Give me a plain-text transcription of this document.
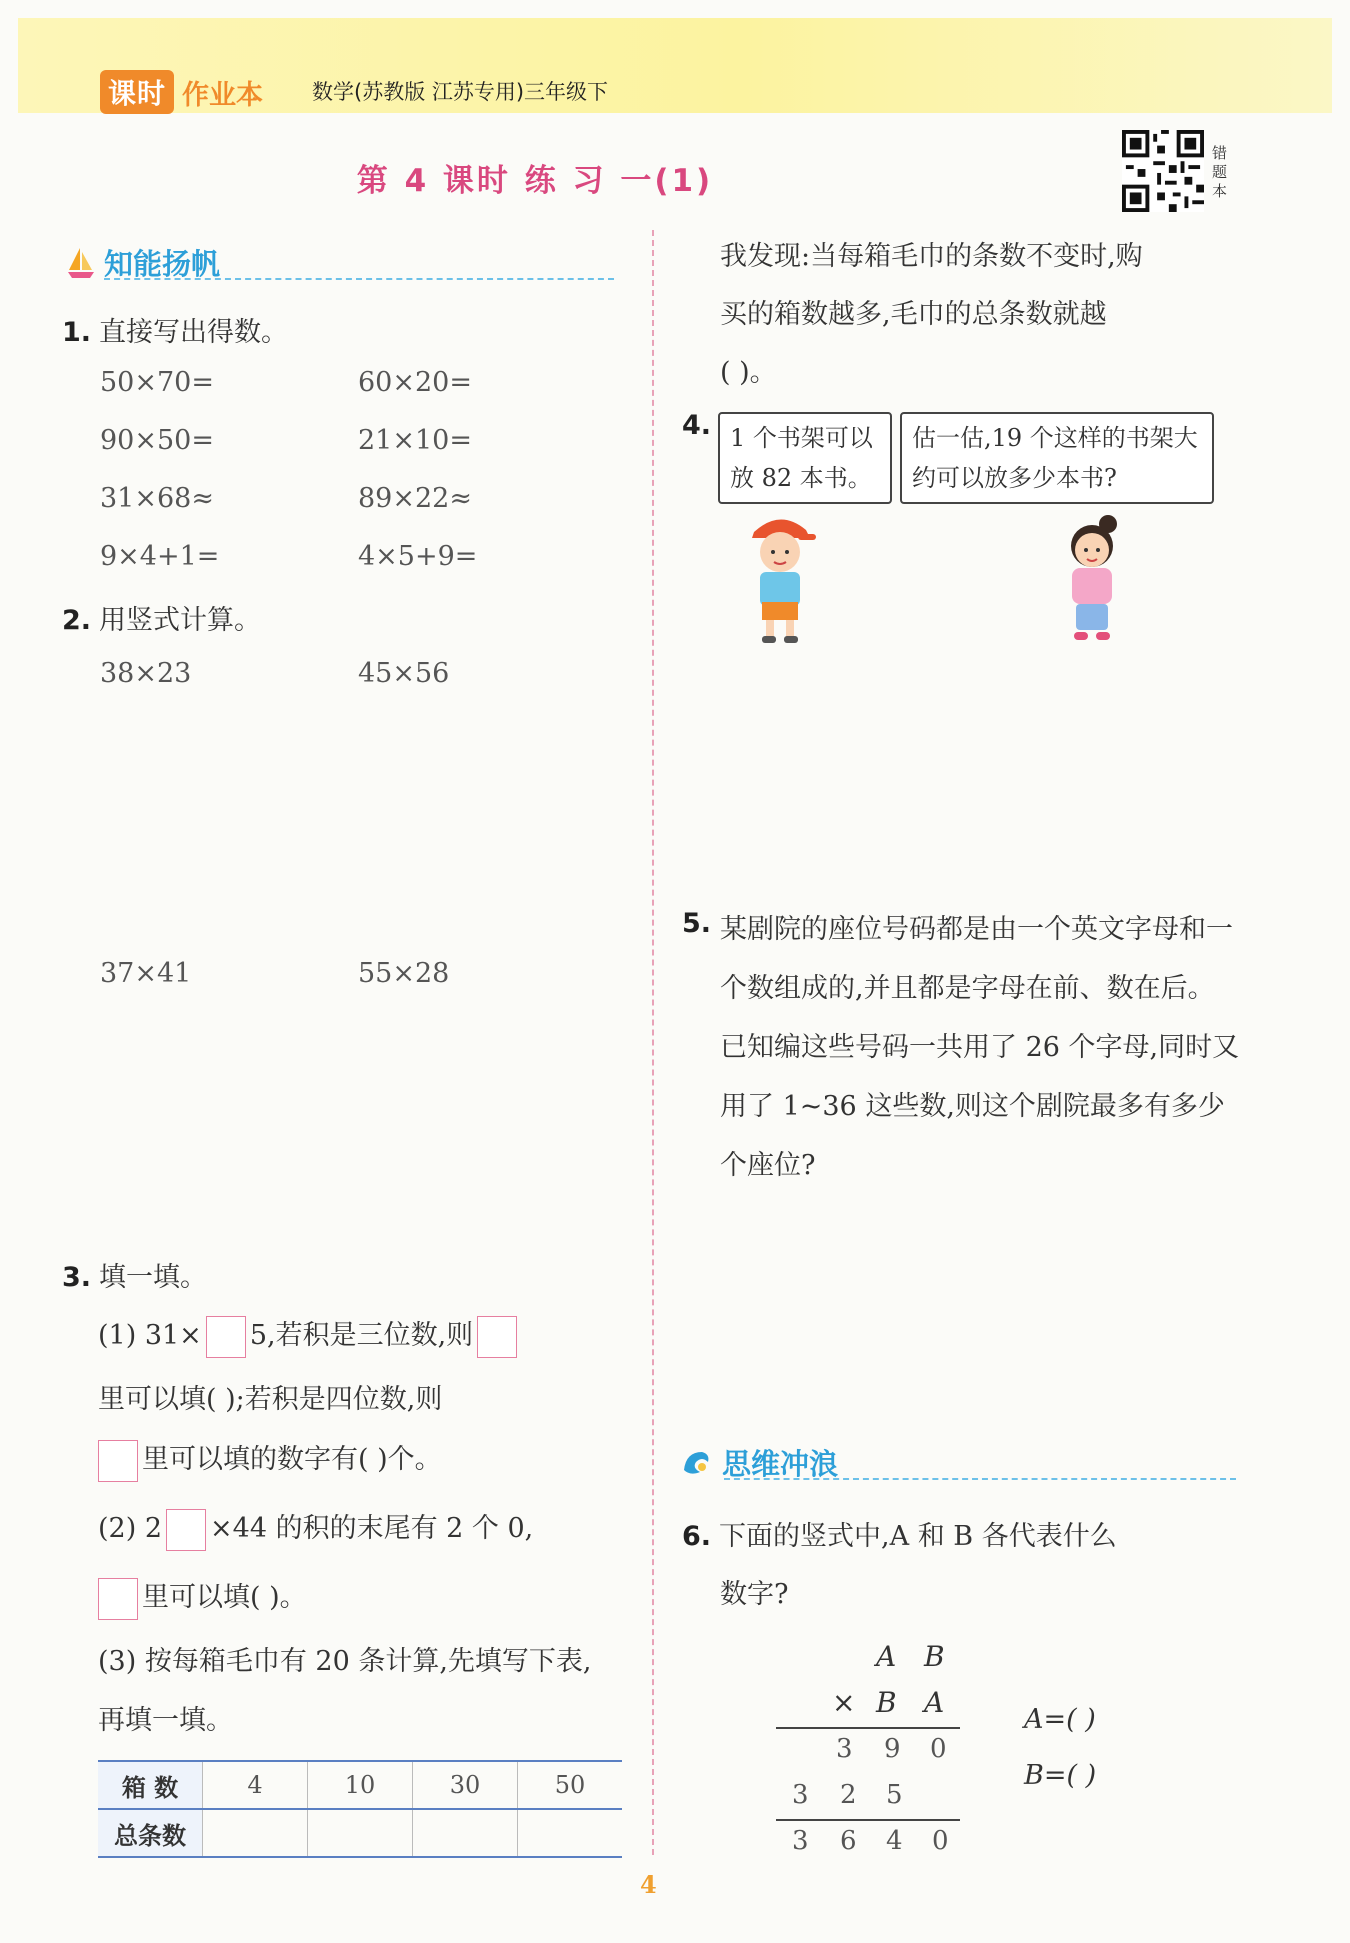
课时 作业本 数学(苏教版 江苏专用)三年级下
第 4 课时 练 习 一(1)
错题本
知能扬帆
1. 直接写出得数。
50×70=	60×20=
90×50=	21×10=
31×68≈	89×22≈
9×4+1=	4×5+9=
2. 用竖式计算。
38×23	45×56
37×41	55×28
3. 填一填。
(1) 31× 5,若积是三位数,则
里可以填( );若积是四位数,则
里可以填的数字有( )个。
(2) 2 ×44 的积的末尾有 2 个 0,
里可以填( )。
(3) 按每箱毛巾有 20 条计算,先填写下表,再填一填。
箱 数	4	10	30	50
总条数				
我发现:当每箱毛巾的条数不变时,购
买的箱数越多,毛巾的总条数就越
( )。
4. 1 个书架可以放 82 本书。
估一估,19 个这样的书架大约可以放多少本书?
5. 某剧院的座位号码都是由一个英文字母和一个数组成的,并且都是字母在前、数在后。已知编这些号码一共用了 26 个字母,同时又用了 1~36 这些数,则这个剧院最多有多少个座位?
思维冲浪
6. 下面的竖式中,A 和 B 各代表什么
数字?
A B
× B A
3 9 0
3 2 5
3 6 4 0
A=( )
B=( )
4
